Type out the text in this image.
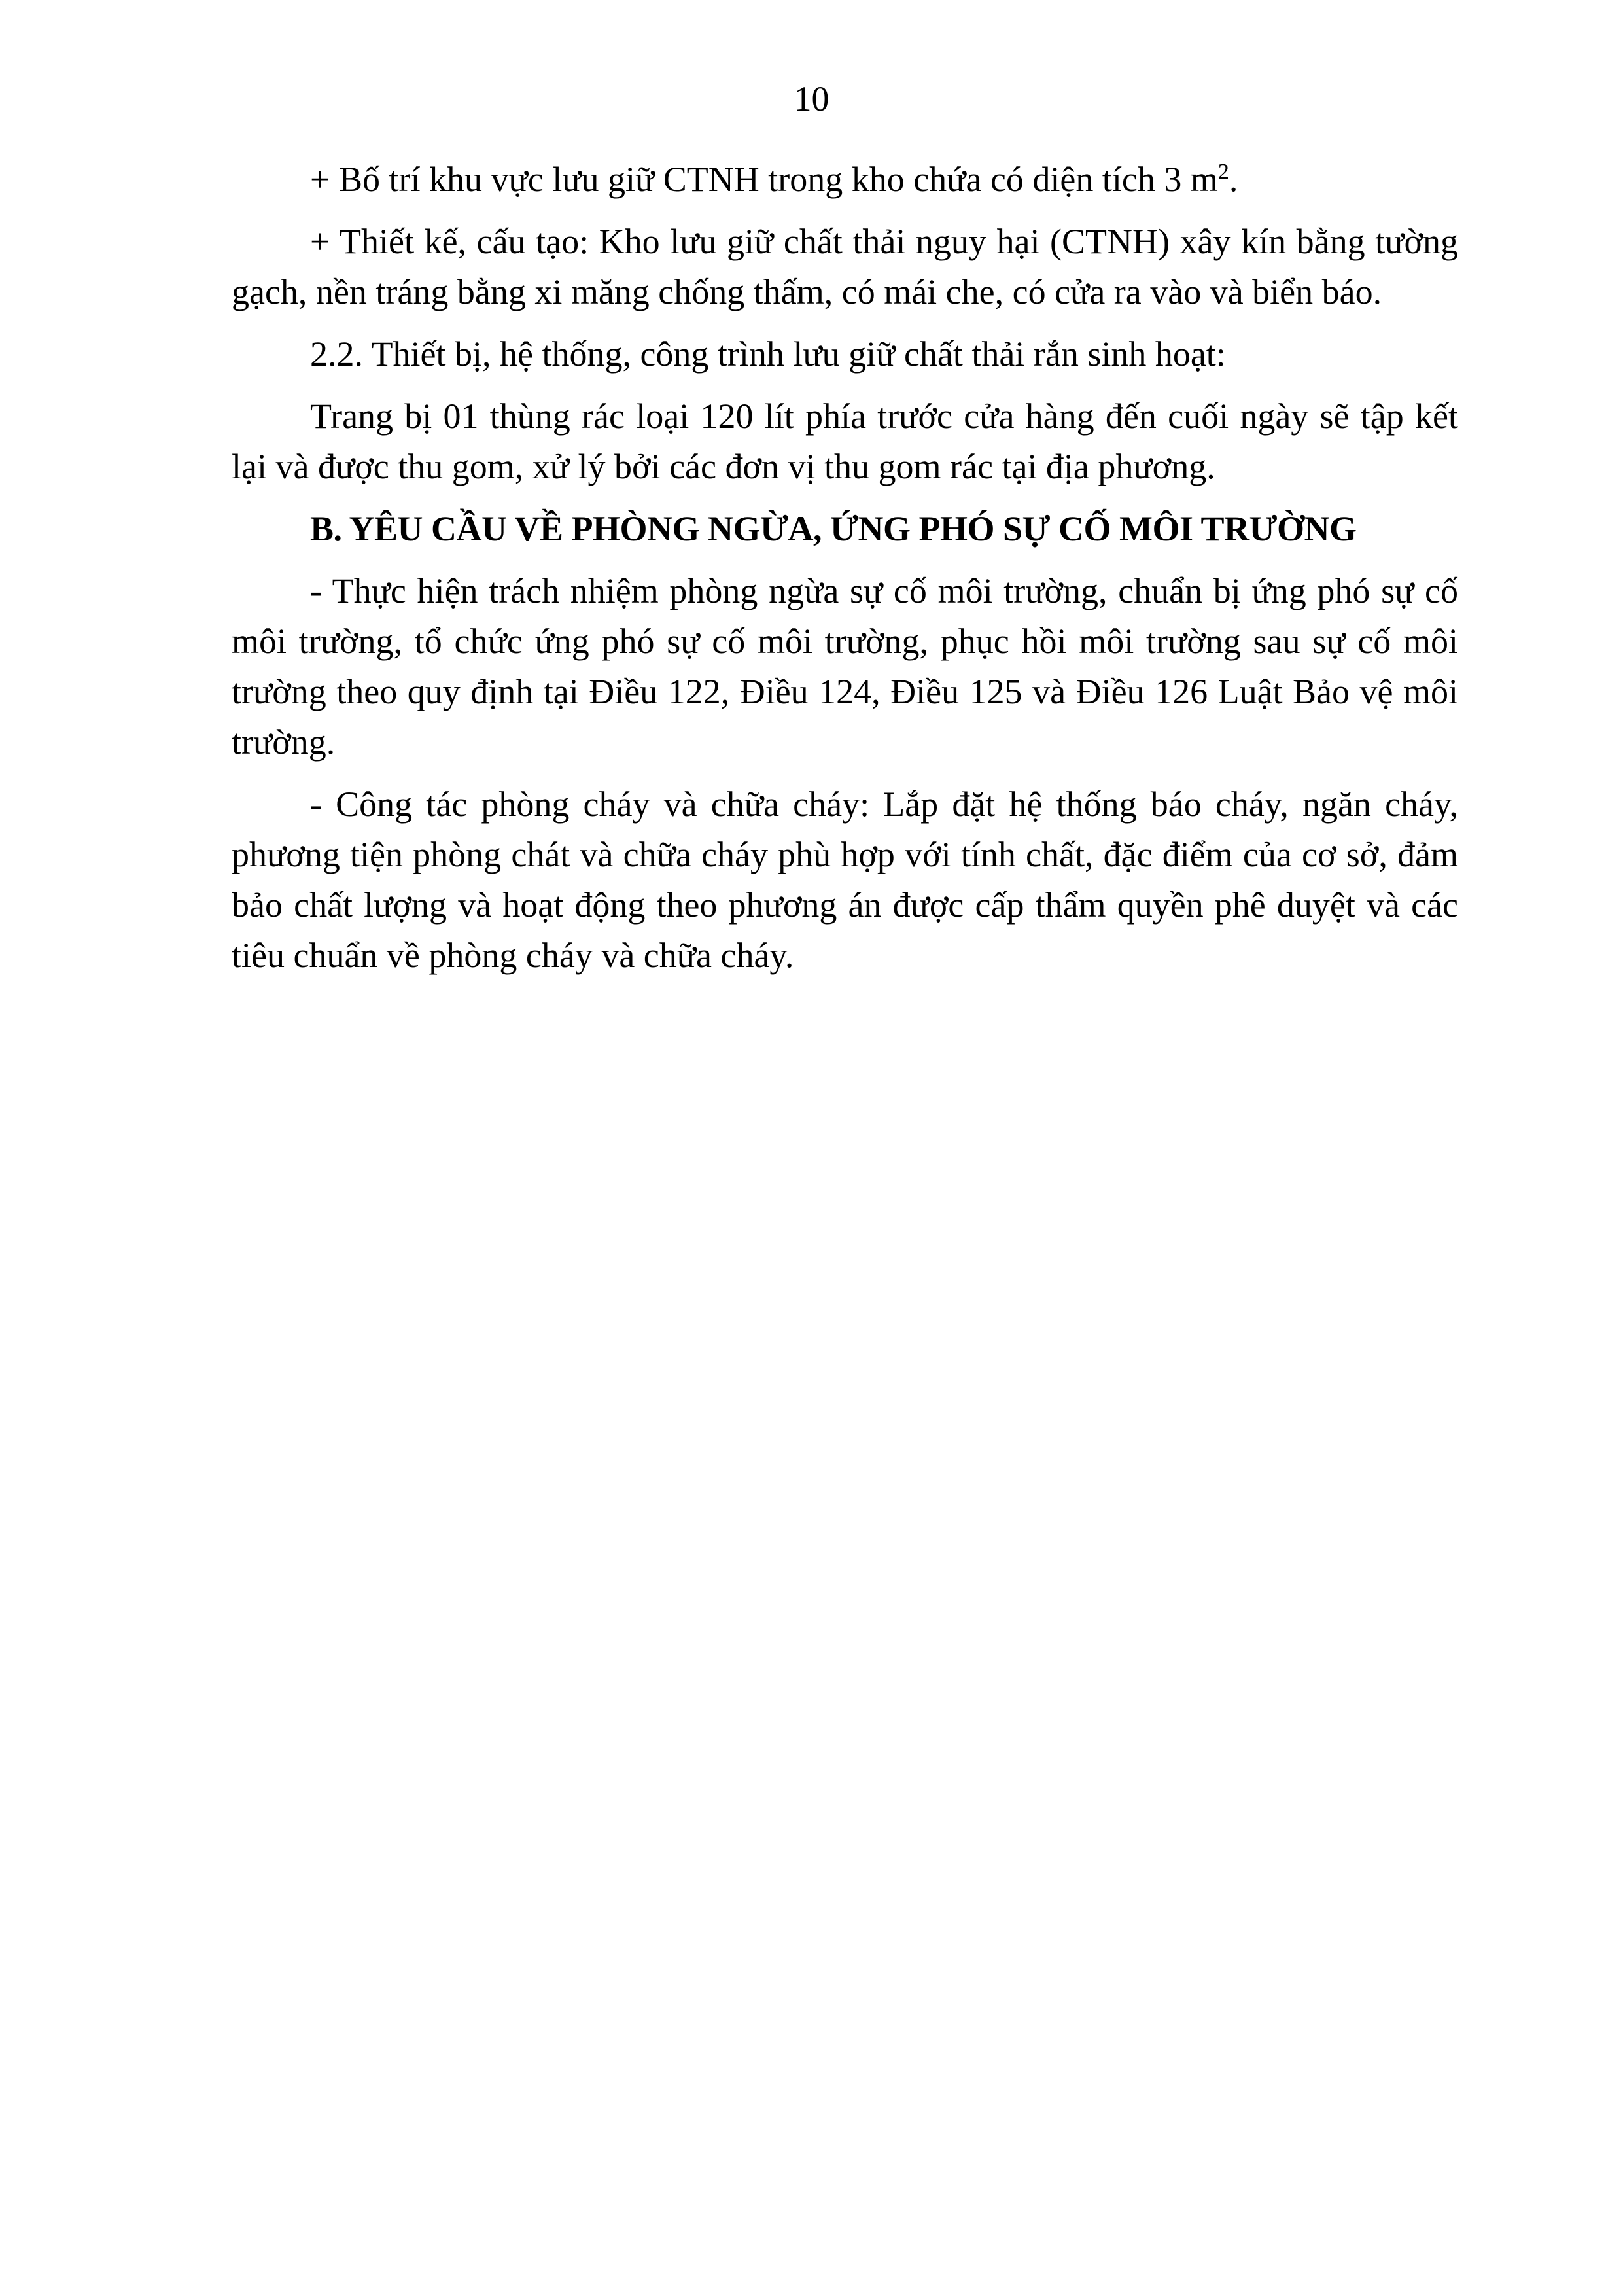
10

+ Bố trí khu vực lưu giữ CTNH trong kho chứa có diện tích 3 $m^2$.

+ Thiết kế, cấu tạo: Kho lưu giữ chất thải nguy hại (CTNH) xây kín bằng tường gạch, nền tráng bằng xi măng chống thấm, có mái che, có cửa ra vào và biển báo.

2.2. Thiết bị, hệ thống, công trình lưu giữ chất thải rắn sinh hoạt:

Trang bị 01 thùng rác loại 120 lít phía trước cửa hàng đến cuối ngày sẽ tập kết lại và được thu gom, xử lý bởi các đơn vị thu gom rác tại địa phương.

B. YÊU CẦU VỀ PHÒNG NGỪA, ỨNG PHÓ SỰ CỐ MÔI TRƯỜNG

- Thực hiện trách nhiệm phòng ngừa sự cố môi trường, chuẩn bị ứng phó sự cố môi trường, tổ chức ứng phó sự cố môi trường, phục hồi môi trường sau sự cố môi trường theo quy định tại Điều 122, Điều 124, Điều 125 và Điều 126 Luật Bảo vệ môi trường.

- Công tác phòng cháy và chữa cháy: Lắp đặt hệ thống báo cháy, ngăn cháy, phương tiện phòng chát và chữa cháy phù hợp với tính chất, đặc điểm của cơ sở, đảm bảo chất lượng và hoạt động theo phương án được cấp thẩm quyền phê duyệt và các tiêu chuẩn về phòng cháy và chữa cháy.
